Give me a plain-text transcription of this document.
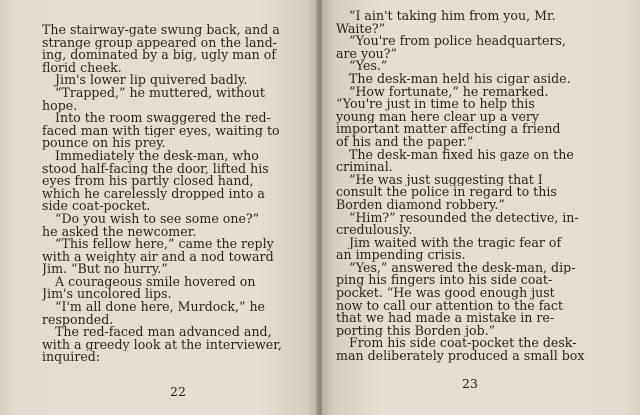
The stairway-gate swung back, and a
strange group appeared on the land-
ing, dominated by a big, ugly man of
florid cheek.
Jim's lower lip quivered badly.
“Trapped,” he muttered, without
hope.
Into the room swaggered the red-
faced man with tiger eyes, waiting to
pounce on his prey.
Immediately the desk-man, who
stood half-facing the door, lifted his
eyes from his partly closed hand,
which he carelessly dropped into a
side coat-pocket.
“Do you wish to see some one?”
he asked the newcomer.
“This fellow here,” came the reply
with a weighty air and a nod toward
Jim. “But no hurry.”
A courageous smile hovered on
Jim's uncolored lips.
“I'm all done here, Murdock,” he
responded.
The red-faced man advanced and,
with a greedy look at the interviewer,
inquired:
22
“I ain't taking him from you, Mr.
Waite?”
“You're from police headquarters,
are you?”
“Yes.”
The desk-man held his cigar aside.
“How fortunate,” he remarked.
“You're just in time to help this
young man here clear up a very
important matter affecting a friend
of his and the paper.”
The desk-man fixed his gaze on the
criminal.
“He was just suggesting that I
consult the police in regard to this
Borden diamond robbery.”
“Him?” resounded the detective, in-
credulously.
Jim waited with the tragic fear of
an impending crisis.
“Yes,” answered the desk-man, dip-
ping his fingers into his side coat-
pocket. “He was good enough just
now to call our attention to the fact
that we had made a mistake in re-
porting this Borden job.”
From his side coat-pocket the desk-
man deliberately produced a small box
23
